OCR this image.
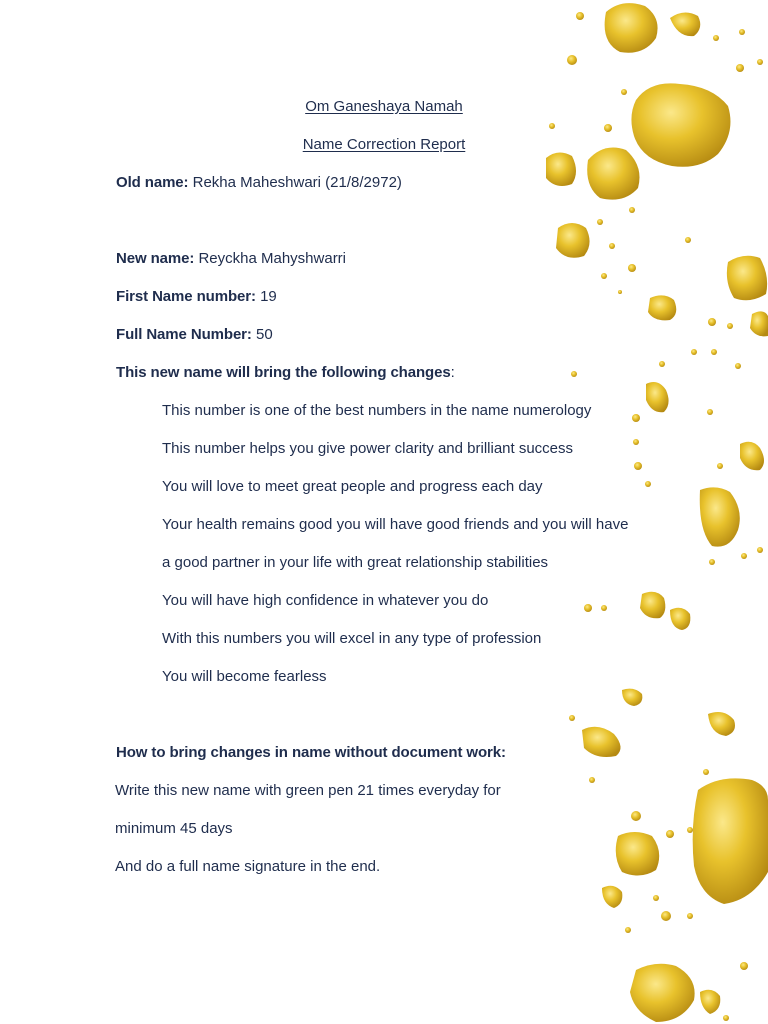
Om Ganeshaya Namah
Name Correction Report
Old name: Rekha Maheshwari (21/8/2972)
New name: Reyckha Mahyshwarri
First Name number: 19
Full Name Number: 50
This new name will bring the following changes:
This number is one of the best numbers in the name numerology
This number helps you give power clarity and brilliant success
You will love to meet great people and progress each day
Your health remains good you will have good friends and you will have
a good partner in your life with great relationship stabilities
You will have high confidence in whatever you do
With this numbers you will excel in any type of profession
You will become fearless
How to bring changes in name without document work:
Write this new name with green pen 21 times everyday for
minimum 45 days
And do a full name signature in the end.
